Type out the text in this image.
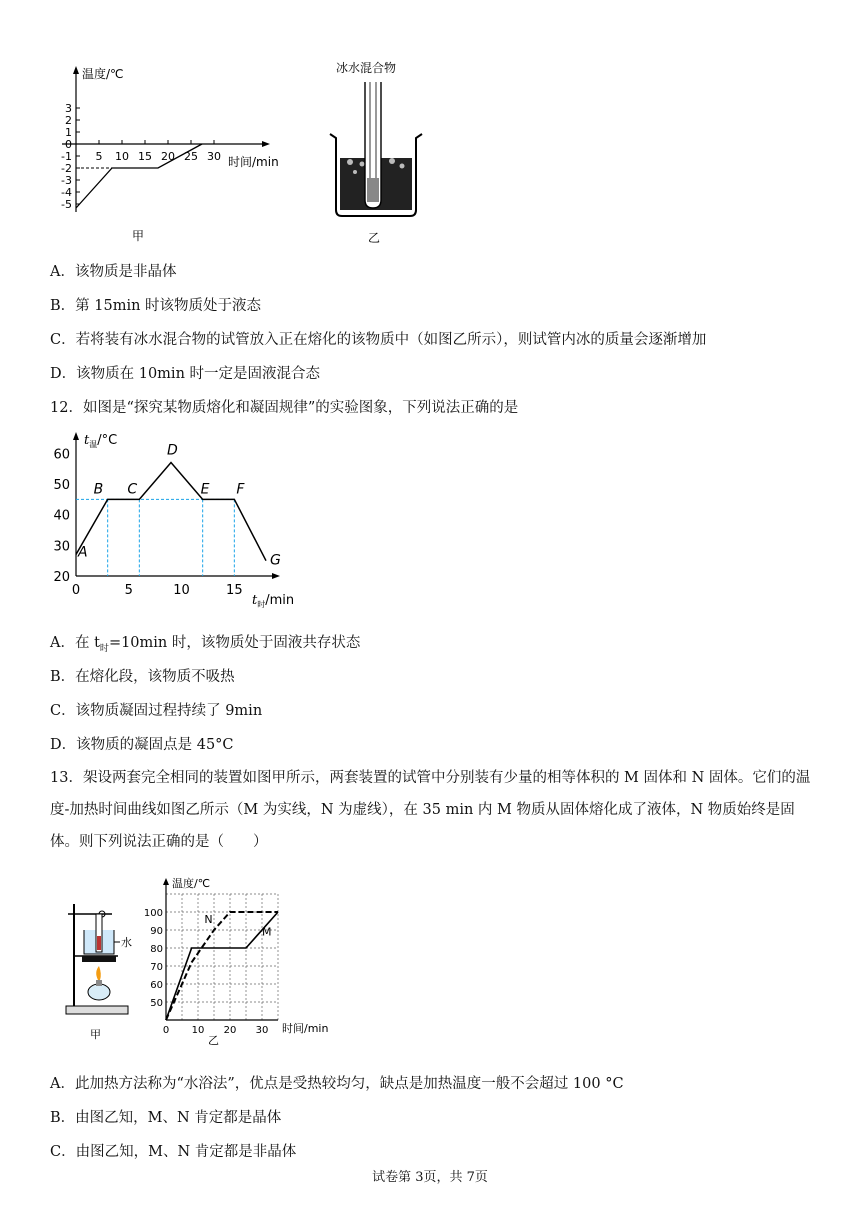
温度/℃
时间/min
3
2
1
0
-1
-2
-3
-4
-5
5 10 15 20 25 30
甲
冰水混合物
乙
A．该物质是非晶体
B．第 15min 时该物质处于液态
C．若将装有冰水混合物的试管放入正在熔化的该物质中（如图乙所示），则试管内冰的质量会逐渐增加
D．该物质在 10min 时一定是固液混合态
12．如图是“探究某物质熔化和凝固规律”的实验图象，下列说法正确的是
$t_温/^\circ C$
$t_时/\min$
20
30
40
50
60
0	5	10	15
A
B C
D
E F
G
A．在 $t_时=10\min$ 时，该物质处于固液共存状态
B．在熔化段，该物质不吸热
C．该物质凝固过程持续了 9min
D．该物质的凝固点是 45°C
13．架设两套完全相同的装置如图甲所示，两套装置的试管中分别装有少量的相等体积的 M 固体和 N 固体。它们的温度-加热时间曲线如图乙所示（M 为实线，N 为虚线），在 35 min 内 M 物质从固体熔化成了液体，N 物质始终是固体。则下列说法正确的是（　　）
水
甲
温度/℃
时间/min
50
60
70
80
90
100
0 10 20 30
N
M
乙
A．此加热方法称为“水浴法”，优点是受热较均匀，缺点是加热温度一般不会超过 100 °C
B．由图乙知，M、N 肯定都是晶体
C．由图乙知，M、N 肯定都是非晶体
试卷第 3页，共 7页
